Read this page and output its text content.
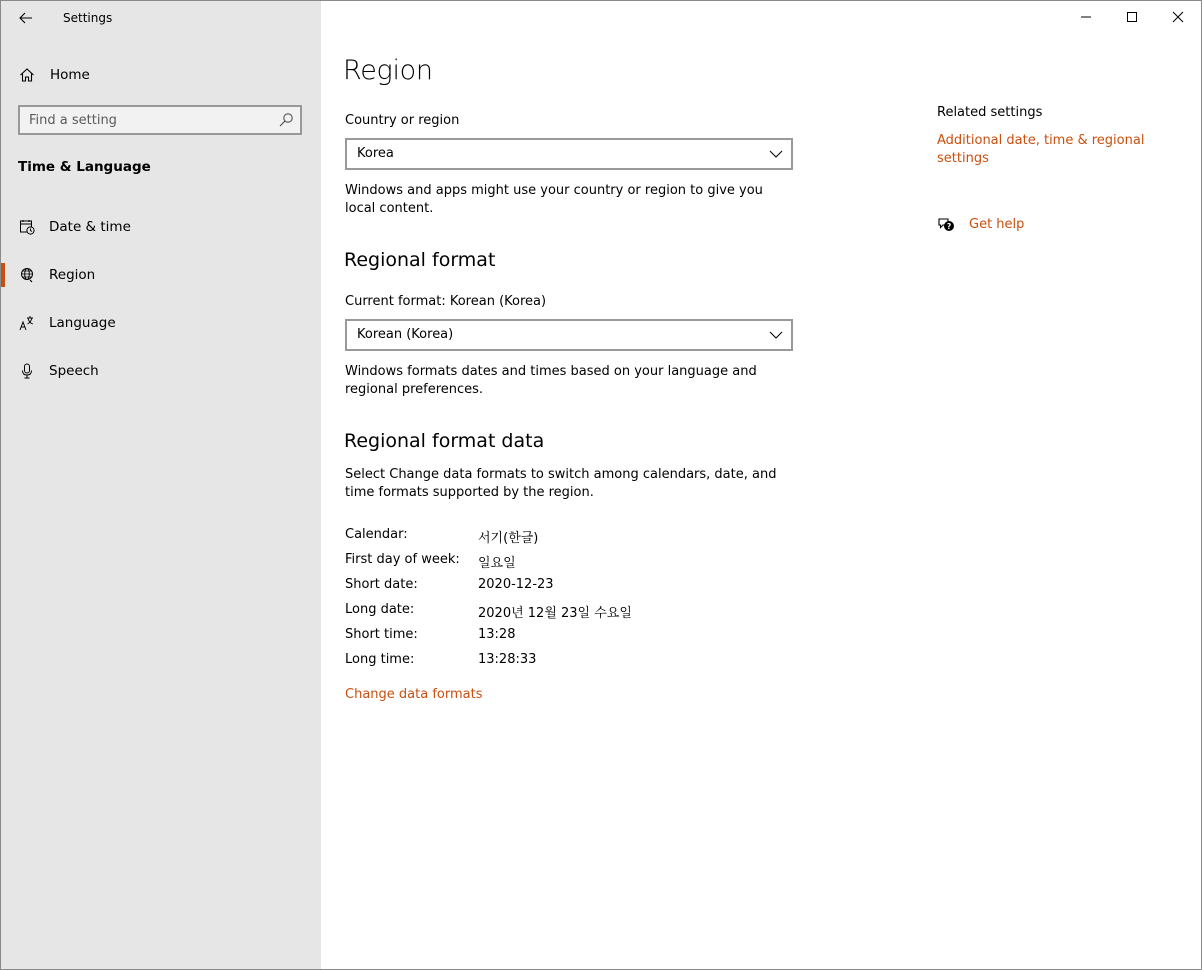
Settings
Home
Find a setting
Time & Language
Date & time
Region
Language
Speech
Region
Country or region
Korea
Windows and apps might use your country or region to give you local content.
Regional format
Current format: Korean (Korea)
Korean (Korea)
Windows formats dates and times based on your language and regional preferences.
Regional format data
Select Change data formats to switch among calendars, date, and time formats supported by the region.
Calendar:	서기(한글)
First day of week:	일요일
Short date:	2020-12-23
Long date:	2020년 12월 23일 수요일
Short time:	13:28
Long time:	13:28:33
Change data formats
Related settings
Additional date, time & regional settings
? Get help
